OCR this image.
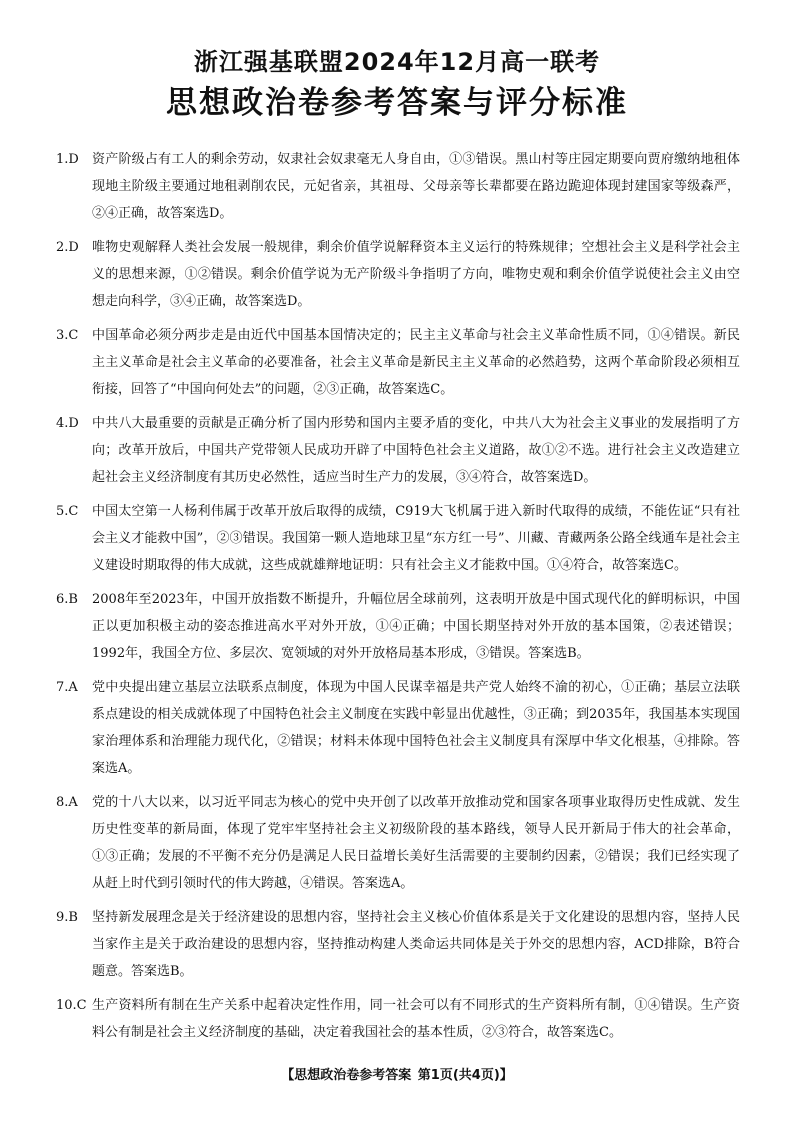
浙江强基联盟2024年12月高一联考
思想政治卷参考答案与评分标准
1.D 资产阶级占有工人的剩余劳动，奴隶社会奴隶毫无人身自由，①③错误。黑山村等庄园定期要向贾府缴纳地租体现地主阶级主要通过地租剥削农民，元妃省亲，其祖母、父母亲等长辈都要在路边跪迎体现封建国家等级森严，②④正确，故答案选D。
2.D 唯物史观解释人类社会发展一般规律，剩余价值学说解释资本主义运行的特殊规律；空想社会主义是科学社会主义的思想来源，①②错误。剩余价值学说为无产阶级斗争指明了方向，唯物史观和剩余价值学说使社会主义由空想走向科学，③④正确，故答案选D。
3.C 中国革命必须分两步走是由近代中国基本国情决定的；民主主义革命与社会主义革命性质不同，①④错误。新民主主义革命是社会主义革命的必要准备，社会主义革命是新民主主义革命的必然趋势，这两个革命阶段必须相互衔接，回答了“中国向何处去”的问题，②③正确，故答案选C。
4.D 中共八大最重要的贡献是正确分析了国内形势和国内主要矛盾的变化，中共八大为社会主义事业的发展指明了方向；改革开放后，中国共产党带领人民成功开辟了中国特色社会主义道路，故①②不选。进行社会主义改造建立起社会主义经济制度有其历史必然性，适应当时生产力的发展，③④符合，故答案选D。
5.C 中国太空第一人杨利伟属于改革开放后取得的成绩，C919大飞机属于进入新时代取得的成绩，不能佐证“只有社会主义才能救中国”，②③错误。我国第一颗人造地球卫星“东方红一号”、川藏、青藏两条公路全线通车是社会主义建设时期取得的伟大成就，这些成就雄辩地证明：只有社会主义才能救中国。①④符合，故答案选C。
6.B 2008年至2023年，中国开放指数不断提升，升幅位居全球前列，这表明开放是中国式现代化的鲜明标识，中国正以更加积极主动的姿态推进高水平对外开放，①④正确；中国长期坚持对外开放的基本国策，②表述错误；1992年，我国全方位、多层次、宽领域的对外开放格局基本形成，③错误。答案选B。
7.A 党中央提出建立基层立法联系点制度，体现为中国人民谋幸福是共产党人始终不渝的初心，①正确；基层立法联系点建设的相关成就体现了中国特色社会主义制度在实践中彰显出优越性，③正确；到2035年，我国基本实现国家治理体系和治理能力现代化，②错误；材料未体现中国特色社会主义制度具有深厚中华文化根基，④排除。答案选A。
8.A 党的十八大以来，以习近平同志为核心的党中央开创了以改革开放推动党和国家各项事业取得历史性成就、发生历史性变革的新局面，体现了党牢牢坚持社会主义初级阶段的基本路线，领导人民开新局于伟大的社会革命，①③正确；发展的不平衡不充分仍是满足人民日益增长美好生活需要的主要制约因素，②错误；我们已经实现了从赶上时代到引领时代的伟大跨越，④错误。答案选A。
9.B 坚持新发展理念是关于经济建设的思想内容，坚持社会主义核心价值体系是关于文化建设的思想内容，坚持人民当家作主是关于政治建设的思想内容，坚持推动构建人类命运共同体是关于外交的思想内容，ACD排除，B符合题意。答案选B。
10.C 生产资料所有制在生产关系中起着决定性作用，同一社会可以有不同形式的生产资料所有制，①④错误。生产资料公有制是社会主义经济制度的基础，决定着我国社会的基本性质，②③符合，故答案选C。
【思想政治卷参考答案 第1页(共4页)】
